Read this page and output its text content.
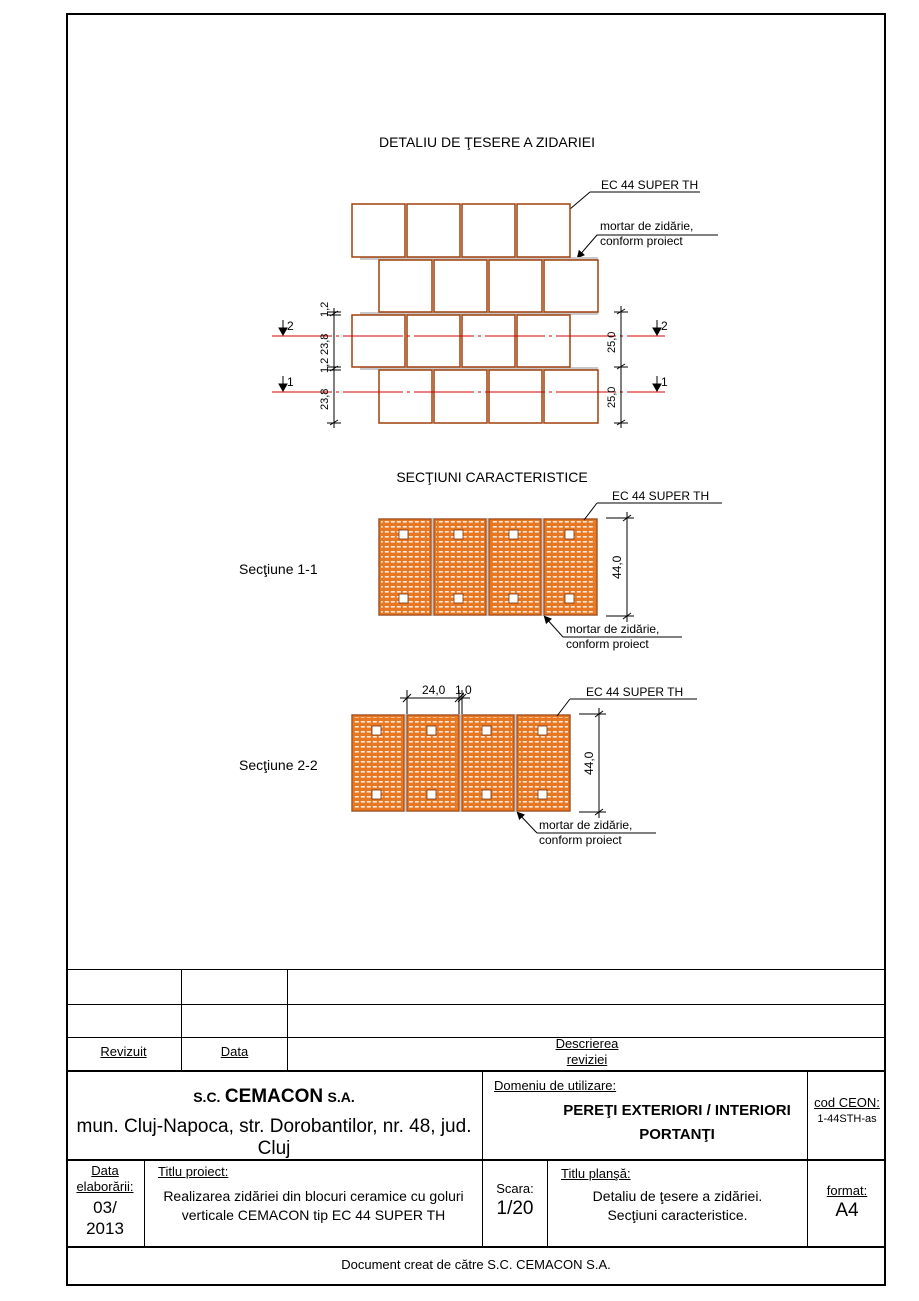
DETALIU DE ŢESERE A ZIDARIEI
EC 44 SUPER TH
mortar de zidărie,
conform proiect
2
1
2
1
1,2
23,8
1,2
23,8
25,0
25,0
SECŢIUNI CARACTERISTICE
Secţiune 1-1
EC 44 SUPER TH
44,0
mortar de zidărie,
conform proiect
Secţiune 2-2
24,0 1,0	EC 44 SUPER TH
44,0
mortar de zidărie,
conform proiect
Revizuit	Data
Descrierea
reviziei
S.C. CEMACON S.A.
mun. Cluj-Napoca, str. Dorobantilor, nr. 48, jud. Cluj
Domeniu de utilizare:
PEREŢI EXTERIORI / INTERIORI
PORTANŢI
cod CEON:
1-44STH-as
Data
elaborării:
03/
2013
Titlu proiect:
Realizarea zidăriei din blocuri ceramice cu goluri
verticale CEMACON tip EC 44 SUPER TH
Scara:
1/20
Titlu planşă:
Detaliu de ţesere a zidăriei.
Secţiuni caracteristice.
format:
A4
Document creat de către S.C. CEMACON S.A.
